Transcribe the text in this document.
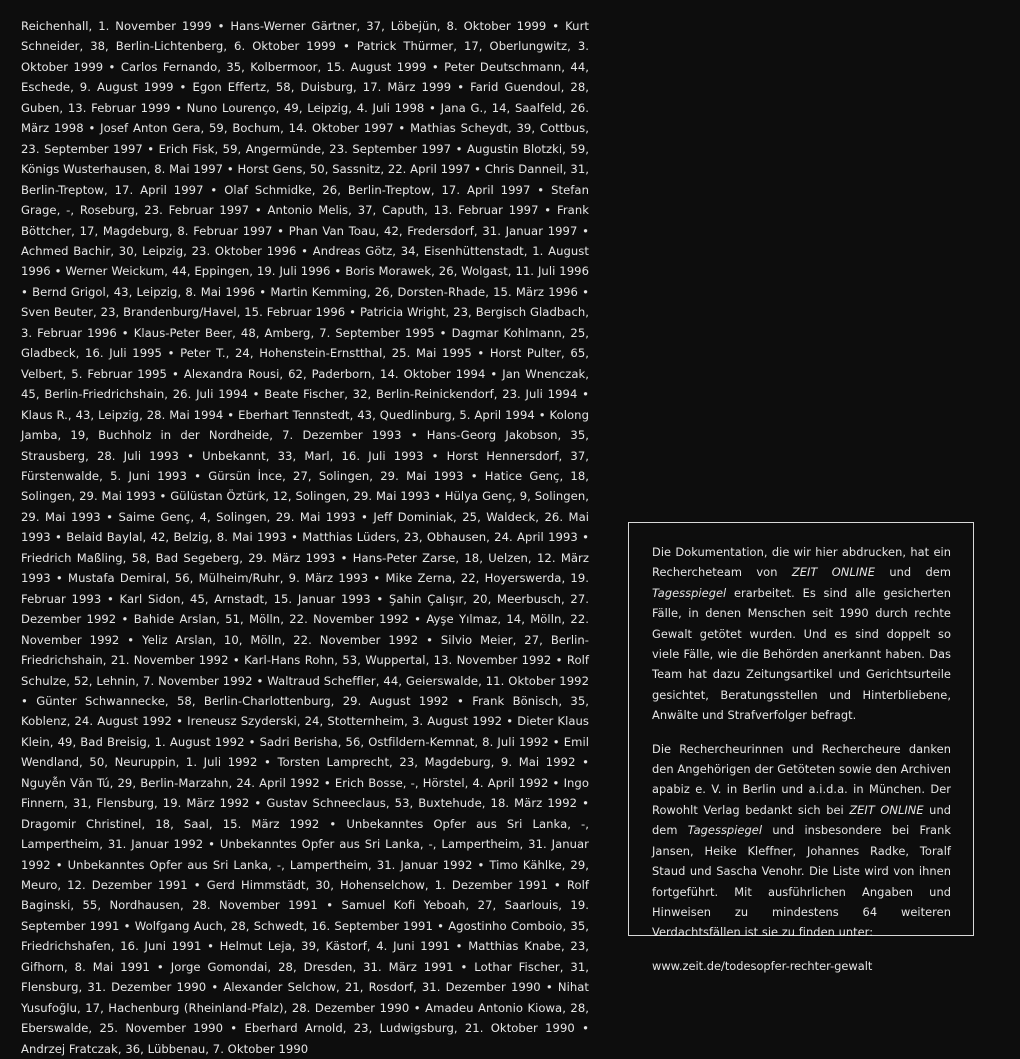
Reichenhall, 1. November 1999 • Hans-Werner Gärtner, 37, Löbejün, 8. Oktober 1999 • Kurt Schneider, 38, Berlin-Lichtenberg, 6. Oktober 1999 • Patrick Thürmer, 17, Oberlungwitz, 3. Oktober 1999 • Carlos Fernando, 35, Kolbermoor, 15. August 1999 • Peter Deutschmann, 44, Eschede, 9. August 1999 • Egon Effertz, 58, Duisburg, 17. März 1999 • Farid Guendoul, 28, Guben, 13. Februar 1999 • Nuno Lourenço, 49, Leipzig, 4. Juli 1998 • Jana G., 14, Saalfeld, 26. März 1998 • Josef Anton Gera, 59, Bochum, 14. Oktober 1997 • Mathias Scheydt, 39, Cottbus, 23. September 1997 • Erich Fisk, 59, Angermünde, 23. September 1997 • Augustin Blotzki, 59, Königs Wusterhausen, 8. Mai 1997 • Horst Gens, 50, Sassnitz, 22. April 1997 • Chris Danneil, 31, Berlin-Treptow, 17. April 1997 • Olaf Schmidke, 26, Berlin-Treptow, 17. April 1997 • Stefan Grage, -, Roseburg, 23. Februar 1997 • Antonio Melis, 37, Caputh, 13. Februar 1997 • Frank Böttcher, 17, Magdeburg, 8. Februar 1997 • Phan Van Toau, 42, Fredersdorf, 31. Januar 1997 • Achmed Bachir, 30, Leipzig, 23. Oktober 1996 • Andreas Götz, 34, Eisenhüttenstadt, 1. August 1996 • Werner Weickum, 44, Eppingen, 19. Juli 1996 • Boris Morawek, 26, Wolgast, 11. Juli 1996 • Bernd Grigol, 43, Leipzig, 8. Mai 1996 • Martin Kemming, 26, Dorsten-Rhade, 15. März 1996 • Sven Beuter, 23, Brandenburg/Havel, 15. Februar 1996 • Patricia Wright, 23, Bergisch Gladbach, 3. Februar 1996 • Klaus-Peter Beer, 48, Amberg, 7. September 1995 • Dagmar Kohlmann, 25, Gladbeck, 16. Juli 1995 • Peter T., 24, Hohenstein-Ernstthal, 25. Mai 1995 • Horst Pulter, 65, Velbert, 5. Februar 1995 • Alexandra Rousi, 62, Paderborn, 14. Oktober 1994 • Jan Wnenczak, 45, Berlin-Friedrichshain, 26. Juli 1994 • Beate Fischer, 32, Berlin-Reinickendorf, 23. Juli 1994 • Klaus R., 43, Leipzig, 28. Mai 1994 • Eberhart Tennstedt, 43, Quedlinburg, 5. April 1994 • Kolong Jamba, 19, Buchholz in der Nordheide, 7. Dezember 1993 • Hans-Georg Jakobson, 35, Strausberg, 28. Juli 1993 • Unbekannt, 33, Marl, 16. Juli 1993 • Horst Hennersdorf, 37, Fürstenwalde, 5. Juni 1993 • Gürsün İnce, 27, Solingen, 29. Mai 1993 • Hatice Genç, 18, Solingen, 29. Mai 1993 • Gülüstan Öztürk, 12, Solingen, 29. Mai 1993 • Hülya Genç, 9, Solingen, 29. Mai 1993 • Saime Genç, 4, Solingen, 29. Mai 1993 • Jeff Dominiak, 25, Waldeck, 26. Mai 1993 • Belaid Baylal, 42, Belzig, 8. Mai 1993 • Matthias Lüders, 23, Obhausen, 24. April 1993 • Friedrich Maßling, 58, Bad Segeberg, 29. März 1993 • Hans-Peter Zarse, 18, Uelzen, 12. März 1993 • Mustafa Demiral, 56, Mülheim/Ruhr, 9. März 1993 • Mike Zerna, 22, Hoyerswerda, 19. Februar 1993 • Karl Sidon, 45, Arnstadt, 15. Januar 1993 • Şahin Çalışır, 20, Meerbusch, 27. Dezember 1992 • Bahide Arslan, 51, Mölln, 22. November 1992 • Ayşe Yılmaz, 14, Mölln, 22. November 1992 • Yeliz Arslan, 10, Mölln, 22. November 1992 • Silvio Meier, 27, Berlin-Friedrichshain, 21. November 1992 • Karl-Hans Rohn, 53, Wuppertal, 13. November 1992 • Rolf Schulze, 52, Lehnin, 7. November 1992 • Waltraud Scheffler, 44, Geierswalde, 11. Oktober 1992 • Günter Schwannecke, 58, Berlin-Charlottenburg, 29. August 1992 • Frank Bönisch, 35, Koblenz, 24. August 1992 • Ireneusz Szyderski, 24, Stotternheim, 3. August 1992 • Dieter Klaus Klein, 49, Bad Breisig, 1. August 1992 • Sadri Berisha, 56, Ostfildern-Kemnat, 8. Juli 1992 • Emil Wendland, 50, Neuruppin, 1. Juli 1992 • Torsten Lamprecht, 23, Magdeburg, 9. Mai 1992 • Nguyễn Văn Tú, 29, Berlin-Marzahn, 24. April 1992 • Erich Bosse, -, Hörstel, 4. April 1992 • Ingo Finnern, 31, Flensburg, 19. März 1992 • Gustav Schneeclaus, 53, Buxtehude, 18. März 1992 • Dragomir Christinel, 18, Saal, 15. März 1992 • Unbekanntes Opfer aus Sri Lanka, -, Lampertheim, 31. Januar 1992 • Unbekanntes Opfer aus Sri Lanka, -, Lampertheim, 31. Januar 1992 • Unbekanntes Opfer aus Sri Lanka, -, Lampertheim, 31. Januar 1992 • Timo Kählke, 29, Meuro, 12. Dezember 1991 • Gerd Himmstädt, 30, Hohenselchow, 1. Dezember 1991 • Rolf Baginski, 55, Nordhausen, 28. November 1991 • Samuel Kofi Yeboah, 27, Saarlouis, 19. September 1991 • Wolfgang Auch, 28, Schwedt, 16. September 1991 • Agostinho Comboio, 35, Friedrichshafen, 16. Juni 1991 • Helmut Leja, 39, Kästorf, 4. Juni 1991 • Matthias Knabe, 23, Gifhorn, 8. Mai 1991 • Jorge Gomondai, 28, Dresden, 31. März 1991 • Lothar Fischer, 31, Flensburg, 31. Dezember 1990 • Alexander Selchow, 21, Rosdorf, 31. Dezember 1990 • Nihat Yusufoğlu, 17, Hachenburg (Rheinland-Pfalz), 28. Dezember 1990 • Amadeu Antonio Kiowa, 28, Eberswalde, 25. November 1990 • Eberhard Arnold, 23, Ludwigsburg, 21. Oktober 1990 • Andrzej Fratczak, 36, Lübbenau, 7. Oktober 1990

Die Dokumentation, die wir hier abdrucken, hat ein Rechercheteam von ZEIT ONLINE und dem Tagesspiegel erarbeitet. Es sind alle gesicherten Fälle, in denen Menschen seit 1990 durch rechte Gewalt getötet wurden. Und es sind doppelt so viele Fälle, wie die Behörden anerkannt haben. Das Team hat dazu Zeitungsartikel und Gerichtsurteile gesichtet, Beratungsstellen und Hinterbliebene, Anwälte und Strafverfolger befragt.

Die Rechercheurinnen und Rechercheure danken den Angehörigen der Getöteten sowie den Archiven apabiz e. V. in Berlin und a.i.d.a. in München. Der Rowohlt Verlag bedankt sich bei ZEIT ONLINE und dem Tagesspiegel und insbesondere bei Frank Jansen, Heike Kleffner, Johannes Radke, Toralf Staud und Sascha Venohr. Die Liste wird von ihnen fortgeführt. Mit ausführlichen Angaben und Hinweisen zu mindestens 64 weiteren Verdachtsfällen ist sie zu finden unter:

www.zeit.de/todesopfer-rechter-gewalt
